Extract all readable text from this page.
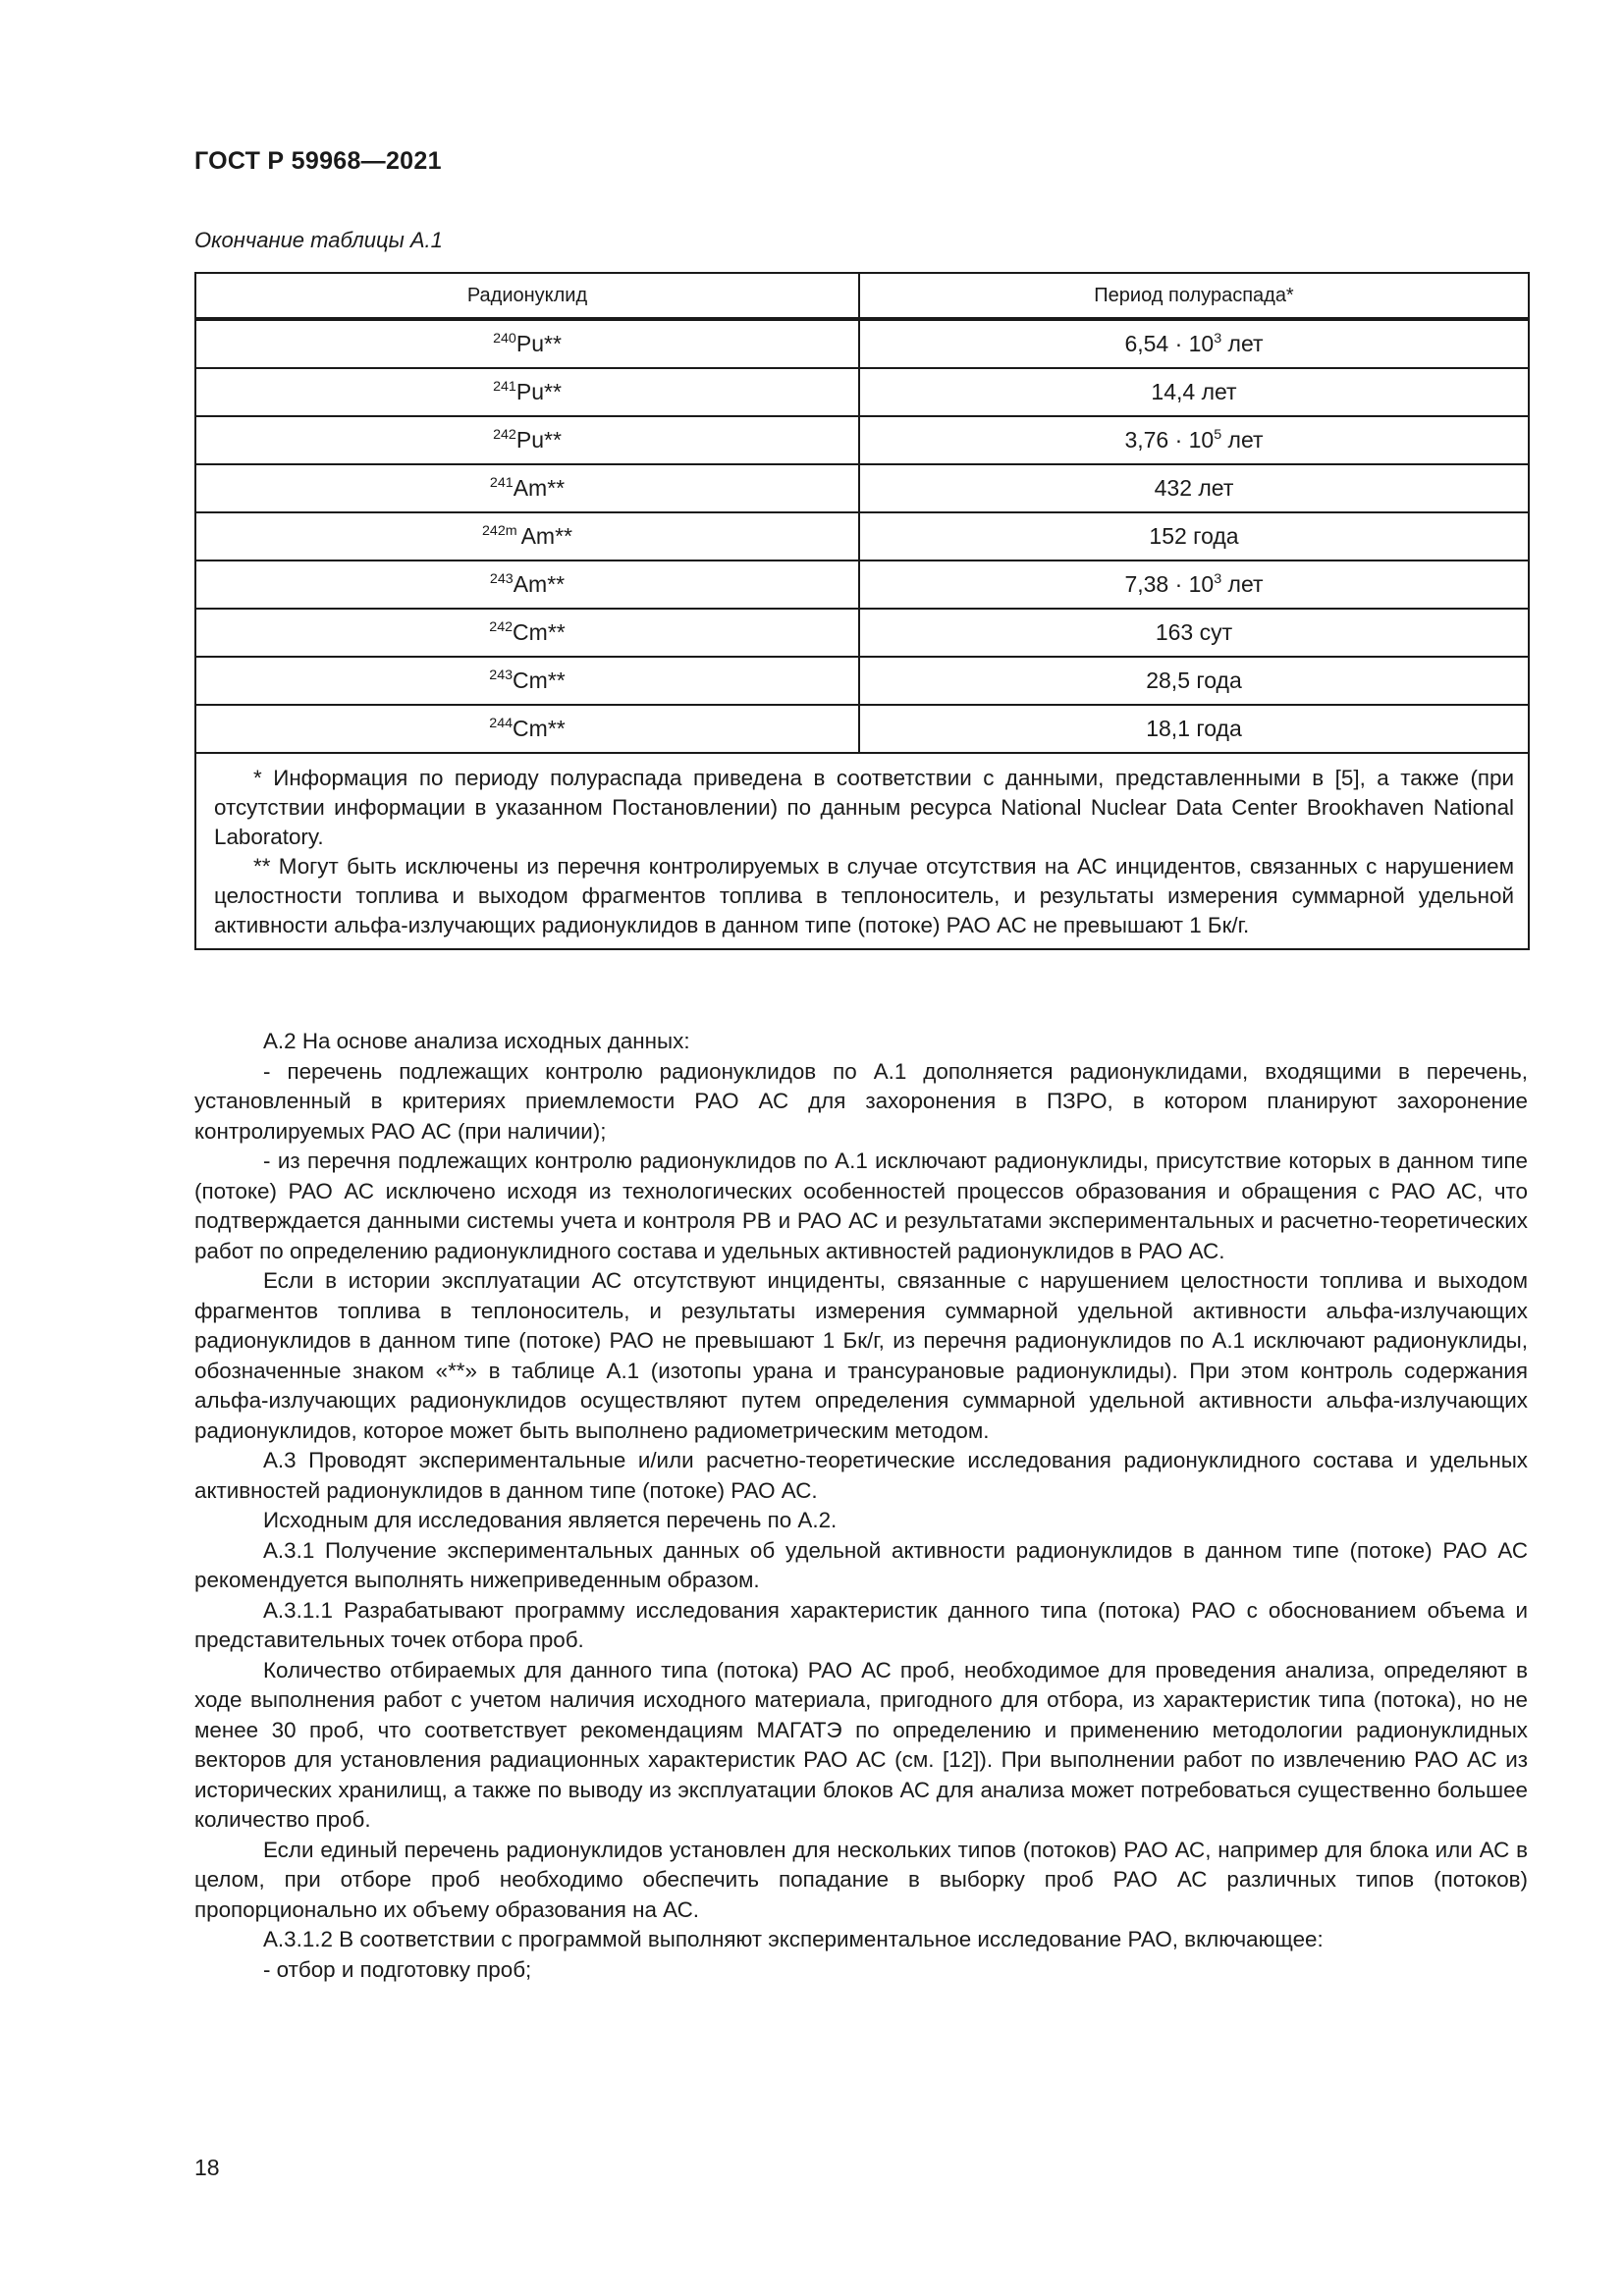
ГОСТ Р 59968—2021
Окончание таблицы А.1
Радионуклид	Период полураспада*
$^{240}$Pu**	$6,54 \cdot 10^3$ лет
$^{241}$Pu**	14,4 лет
$^{242}$Pu**	$3,76 \cdot 10^5$ лет
$^{241}$Am**	432 лет
$^{242m}$ Am**	152 года
$^{243}$Am**	$7,38 \cdot 10^3$ лет
$^{242}$Cm**	163 сут
$^{243}$Cm**	28,5 года
$^{244}$Cm**	18,1 года

* Информация по периоду полураспада приведена в соответствии с данными, представленными в [5], а также (при отсутствии информации в указанном Постановлении) по данным ресурса National Nuclear Data Center Brookhaven National Laboratory.

** Могут быть исключены из перечня контролируемых в случае отсутствия на АС инцидентов, связанных с нарушением целостности топлива и выходом фрагментов топлива в теплоноситель, и результаты измерения суммарной удельной активности альфа-излучающих радионуклидов в данном типе (потоке) РАО АС не превышают 1 Бк/г.	

А.2 На основе анализа исходных данных:

- перечень подлежащих контролю радионуклидов по А.1 дополняется радионуклидами, входящими в перечень, установленный в критериях приемлемости РАО АС для захоронения в ПЗРО, в котором планируют захоронение контролируемых РАО АС (при наличии);

- из перечня подлежащих контролю радионуклидов по А.1 исключают радионуклиды, присутствие которых в данном типе (потоке) РАО АС исключено исходя из технологических особенностей процессов образования и обращения с РАО АС, что подтверждается данными системы учета и контроля РВ и РАО АС и результатами экспериментальных и расчетно-теоретических работ по определению радионуклидного состава и удельных активностей радионуклидов в РАО АС.

Если в истории эксплуатации АС отсутствуют инциденты, связанные с нарушением целостности топлива и выходом фрагментов топлива в теплоноситель, и результаты измерения суммарной удельной активности альфа-излучающих радионуклидов в данном типе (потоке) РАО не превышают 1 Бк/г, из перечня радионуклидов по А.1 исключают радионуклиды, обозначенные знаком «**» в таблице А.1 (изотопы урана и трансурановые радионуклиды). При этом контроль содержания альфа-излучающих радионуклидов осуществляют путем определения суммарной удельной активности альфа-излучающих радионуклидов, которое может быть выполнено радиометрическим методом.

А.3 Проводят экспериментальные и/или расчетно-теоретические исследования радионуклидного состава и удельных активностей радионуклидов в данном типе (потоке) РАО АС.

Исходным для исследования является перечень по А.2.

А.3.1 Получение экспериментальных данных об удельной активности радионуклидов в данном типе (потоке) РАО АС рекомендуется выполнять нижеприведенным образом.

А.3.1.1 Разрабатывают программу исследования характеристик данного типа (потока) РАО с обоснованием объема и представительных точек отбора проб.

Количество отбираемых для данного типа (потока) РАО АС проб, необходимое для проведения анализа, определяют в ходе выполнения работ с учетом наличия исходного материала, пригодного для отбора, из характеристик типа (потока), но не менее 30 проб, что соответствует рекомендациям МАГАТЭ по определению и применению методологии радионуклидных векторов для установления радиационных характеристик РАО АС (см. [12]). При выполнении работ по извлечению РАО АС из исторических хранилищ, а также по выводу из эксплуатации блоков АС для анализа может потребоваться существенно большее количество проб.

Если единый перечень радионуклидов установлен для нескольких типов (потоков) РАО АС, например для блока или АС в целом, при отборе проб необходимо обеспечить попадание в выборку проб РАО АС различных типов (потоков) пропорционально их объему образования на АС.

А.3.1.2 В соответствии с программой выполняют экспериментальное исследование РАО, включающее:

- отбор и подготовку проб;

18
